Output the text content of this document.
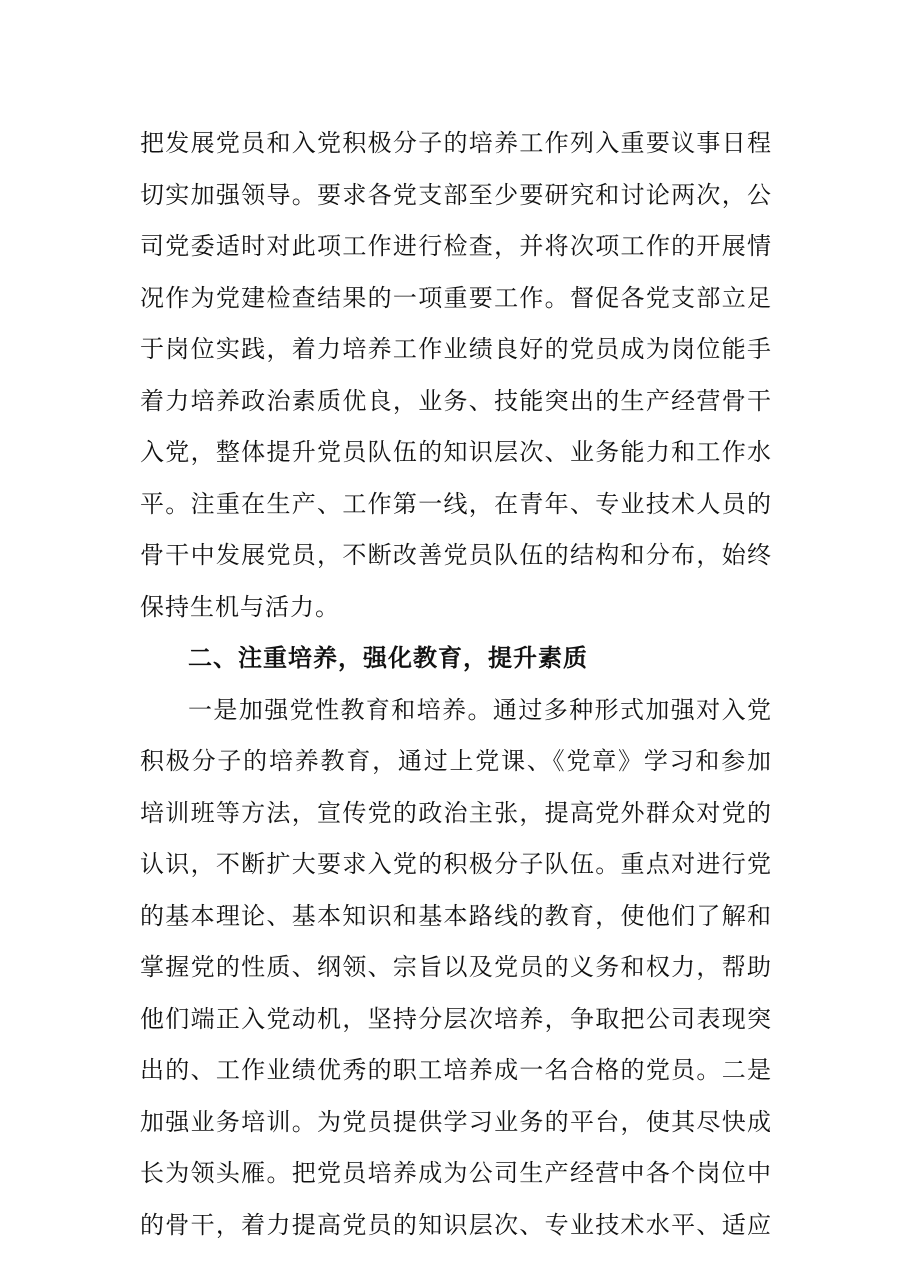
把发展党员和入党积极分子的培养工作列入重要议事日程
切实加强领导。要求各党支部至少要研究和讨论两次，公
司党委适时对此项工作进行检查，并将次项工作的开展情
况作为党建检查结果的一项重要工作。督促各党支部立足
于岗位实践，着力培养工作业绩良好的党员成为岗位能手
着力培养政治素质优良，业务、技能突出的生产经营骨干
入党，整体提升党员队伍的知识层次、业务能力和工作水
平。注重在生产、工作第一线，在青年、专业技术人员的
骨干中发展党员，不断改善党员队伍的结构和分布，始终
保持生机与活力。
二、注重培养，强化教育，提升素质
一是加强党性教育和培养。通过多种形式加强对入党
积极分子的培养教育，通过上党课、《党章》学习和参加
培训班等方法，宣传党的政治主张，提高党外群众对党的
认识，不断扩大要求入党的积极分子队伍。重点对进行党
的基本理论、基本知识和基本路线的教育，使他们了解和
掌握党的性质、纲领、宗旨以及党员的义务和权力，帮助
他们端正入党动机，坚持分层次培养，争取把公司表现突
出的、工作业绩优秀的职工培养成一名合格的党员。二是
加强业务培训。为党员提供学习业务的平台，使其尽快成
长为领头雁。把党员培养成为公司生产经营中各个岗位中
的骨干，着力提高党员的知识层次、专业技术水平、适应
